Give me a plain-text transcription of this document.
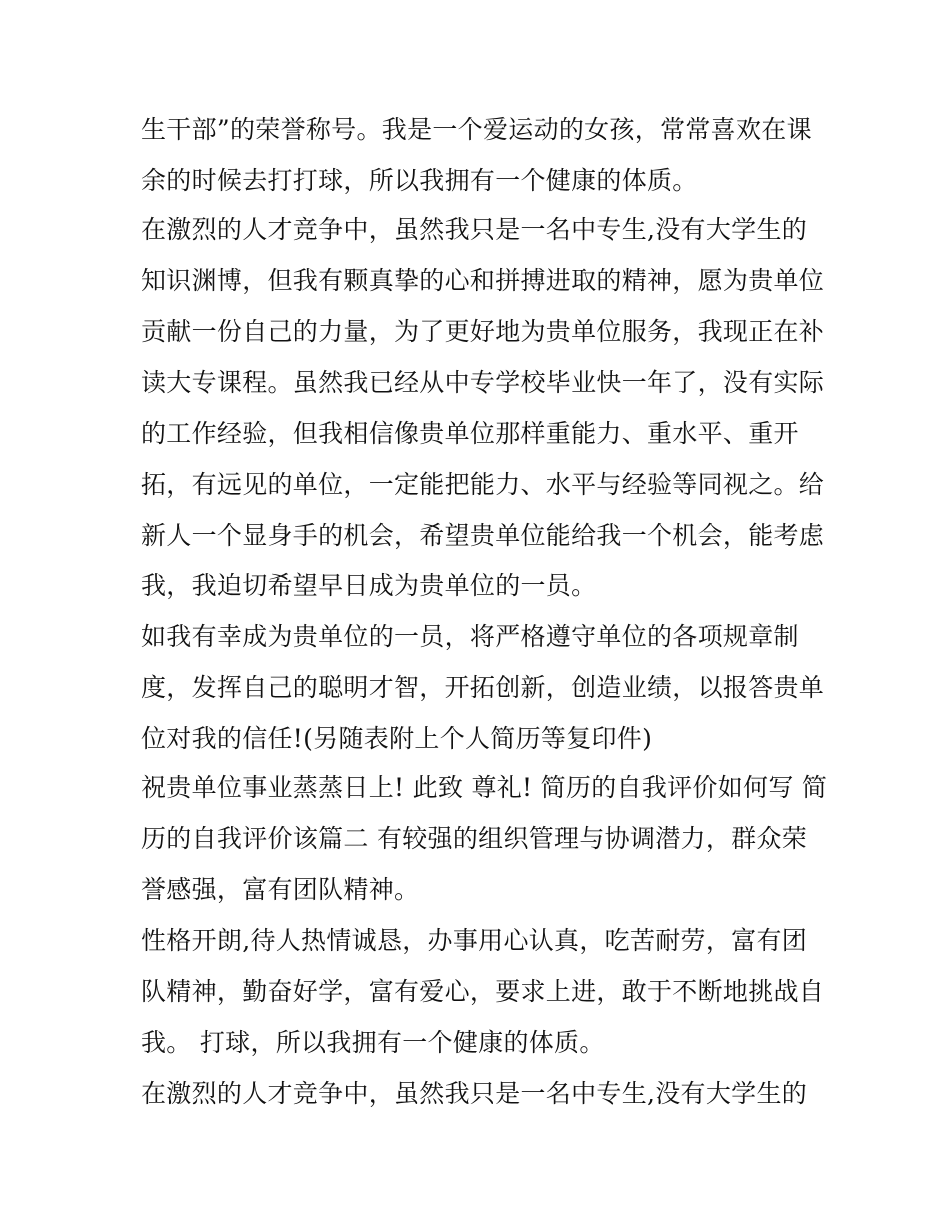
生干部”的荣誉称号。我是一个爱运动的女孩，常常喜欢在课
余的时候去打打球，所以我拥有一个健康的体质。
在激烈的人才竞争中，虽然我只是一名中专生,没有大学生的
知识渊博，但我有颗真挚的心和拼搏进取的精神，愿为贵单位
贡献一份自己的力量，为了更好地为贵单位服务，我现正在补
读大专课程。虽然我已经从中专学校毕业快一年了，没有实际
的工作经验，但我相信像贵单位那样重能力、重水平、重开
拓，有远见的单位，一定能把能力、水平与经验等同视之。给
新人一个显身手的机会，希望贵单位能给我一个机会，能考虑
我，我迫切希望早日成为贵单位的一员。
如我有幸成为贵单位的一员，将严格遵守单位的各项规章制
度，发挥自己的聪明才智，开拓创新，创造业绩，以报答贵单
位对我的信任!(另随表附上个人简历等复印件)
祝贵单位事业蒸蒸日上! 此致 尊礼! 简历的自我评价如何写 简
历的自我评价该篇二 有较强的组织管理与协调潜力，群众荣
誉感强，富有团队精神。
性格开朗,待人热情诚恳，办事用心认真，吃苦耐劳，富有团
队精神，勤奋好学，富有爱心，要求上进，敢于不断地挑战自
我。 打球，所以我拥有一个健康的体质。
在激烈的人才竞争中，虽然我只是一名中专生,没有大学生的
